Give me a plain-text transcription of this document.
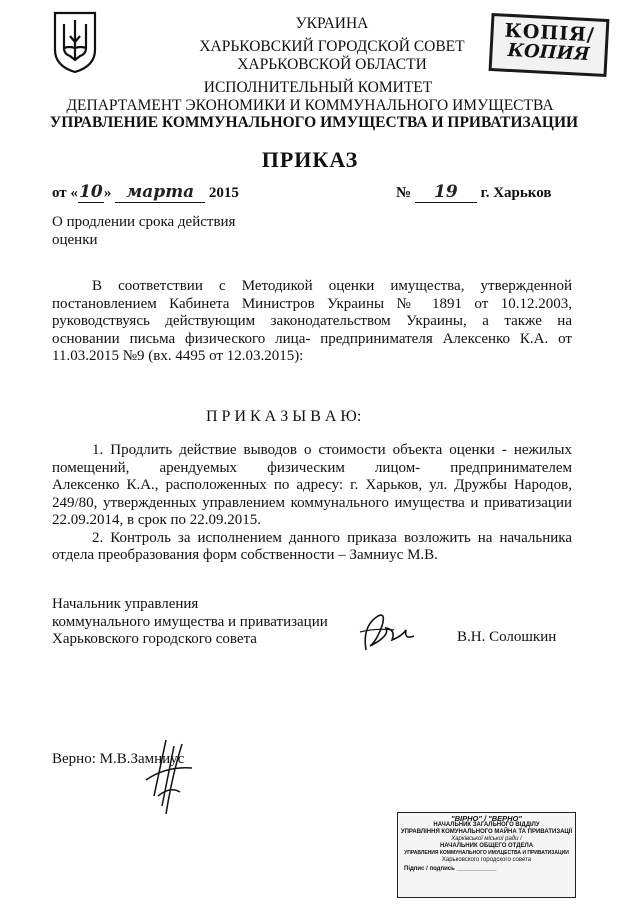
КОПІЯ/
КОПИЯ
УКРАИНА
ХАРЬКОВСКИЙ ГОРОДСКОЙ СОВЕТ
ХАРЬКОВСКОЙ ОБЛАСТИ
ИСПОЛНИТЕЛЬНЫЙ КОМИТЕТ
ДЕПАРТАМЕНТ ЭКОНОМИКИ И КОММУНАЛЬНОГО ИМУЩЕСТВА
УПРАВЛЕНИЕ КОММУНАЛЬНОГО ИМУЩЕСТВА И ПРИВАТИЗАЦИИ
ПРИКАЗ
от «10» марта 2015	№ 19 г. Харьков
О продлении срока действия
оценки
В соответствии с Методикой оценки имущества, утвержденной
постановлением Кабинета Министров Украины № 1891 от 10.12.2003,
руководствуясь действующим законодательством Украины, а также на
основании письма физического лица- предпринимателя Алексенко К.А. от
11.03.2015 №9 (вх. 4495 от 12.03.2015):
П Р И К А З Ы В А Ю:
1. Продлить действие выводов о стоимости объекта оценки - нежилых
помещений, арендуемых физическим лицом- предпринимателем
Алексенко К.А., расположенных по адресу: г. Харьков, ул. Дружбы Народов,
249/80, утвержденных управлением коммунального имущества и приватизации
22.09.2014, в срок по 22.09.2015.
2. Контроль за исполнением данного приказа возложить на начальника
отдела преобразования форм собственности – Замниус М.В.
Начальник управления
коммунального имущества и приватизации
Харьковского городского совета	В.Н. Солошкин
Верно: М.В.Замниус
"ВІРНО" / "ВЕРНО"
НАЧАЛЬНИК ЗАГАЛЬНОГО ВІДДІЛУ
УПРАВЛІННЯ КОМУНАЛЬНОГО МАЙНА ТА ПРИВАТИЗАЦІЇ
Харківської міської ради /
НАЧАЛЬНИК ОБЩЕГО ОТДЕЛА
УПРАВЛЕНИЯ КОММУНАЛЬНОГО ИМУЩЕСТВА И ПРИВАТИЗАЦИИ
Харьковского городского совета
Підпис / подпись ____________
